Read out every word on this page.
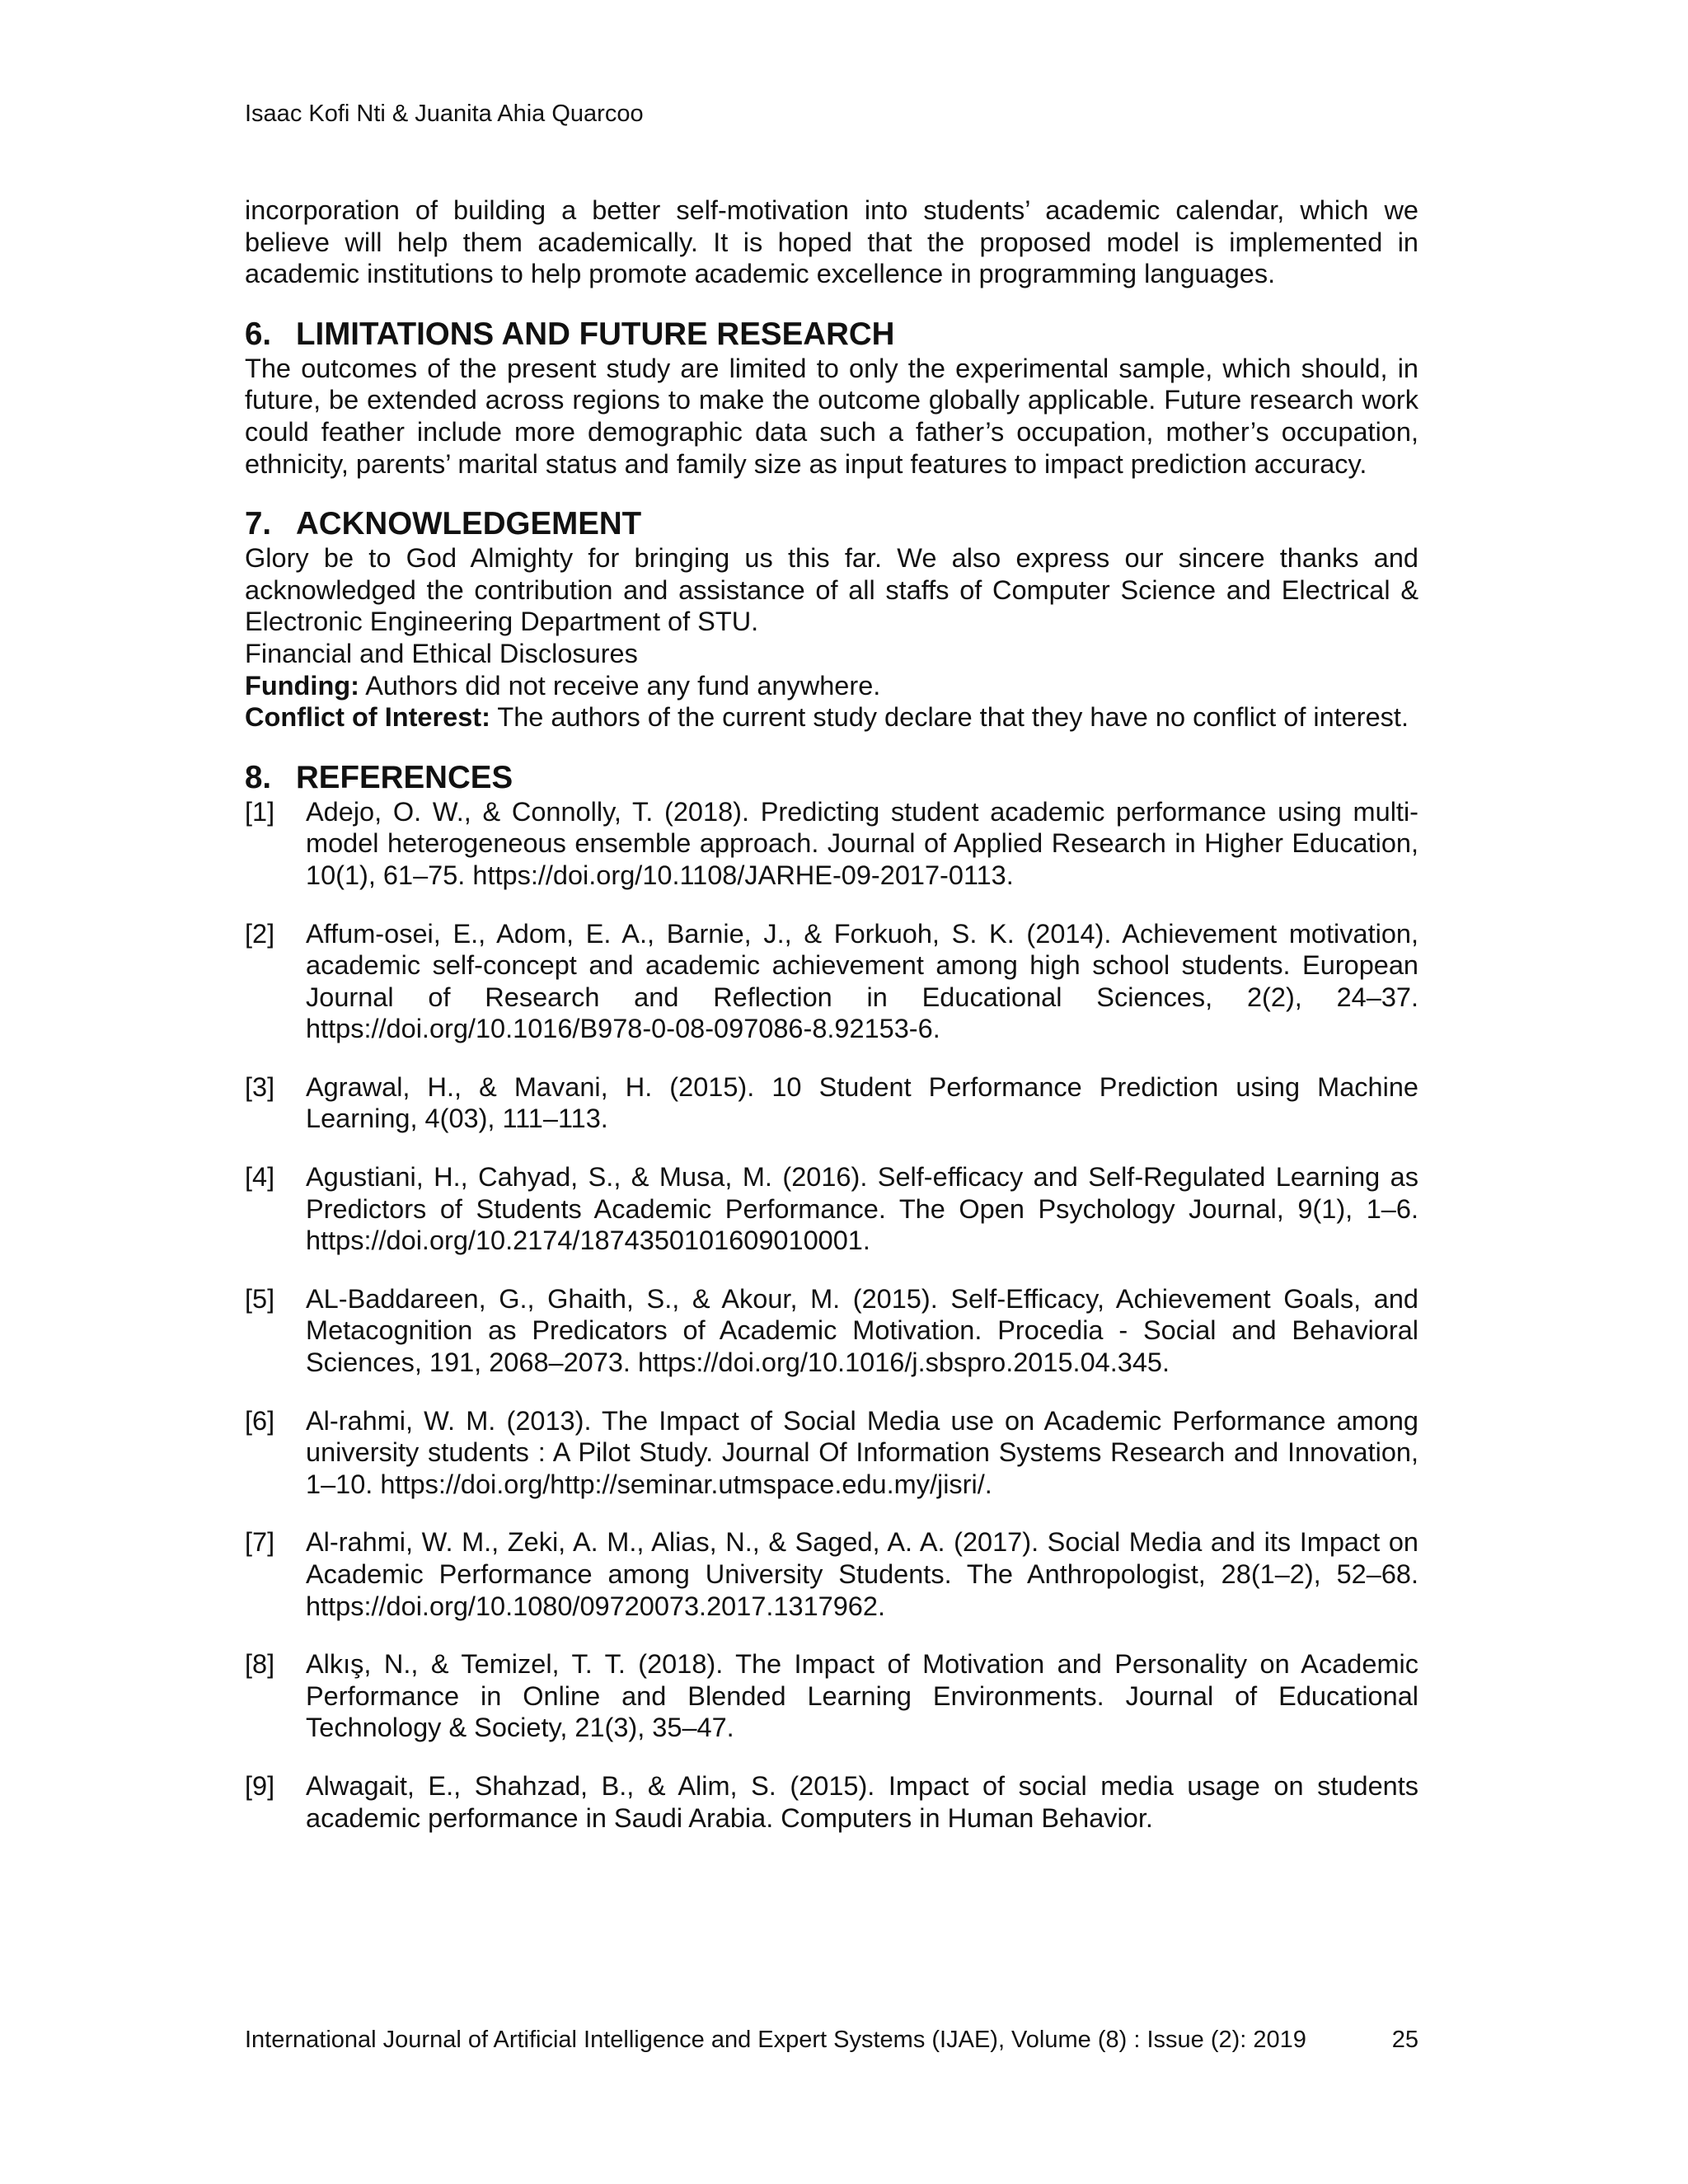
Isaac Kofi Nti & Juanita Ahia Quarcoo

incorporation of building a better self-motivation into students’ academic calendar, which we believe will help them academically. It is hoped that the proposed model is implemented in academic institutions to help promote academic excellence in programming languages.

6. LIMITATIONS AND FUTURE RESEARCH

The outcomes of the present study are limited to only the experimental sample, which should, in future, be extended across regions to make the outcome globally applicable. Future research work could feather include more demographic data such a father’s occupation, mother’s occupation, ethnicity, parents’ marital status and family size as input features to impact prediction accuracy.

7. ACKNOWLEDGEMENT

Glory be to God Almighty for bringing us this far. We also express our sincere thanks and acknowledged the contribution and assistance of all staffs of Computer Science and Electrical & Electronic Engineering Department of STU.

Financial and Ethical Disclosures

Funding: Authors did not receive any fund anywhere.

Conflict of Interest: The authors of the current study declare that they have no conflict of interest.

8. REFERENCES
[1]	Adejo, O. W., & Connolly, T. (2018). Predicting student academic performance using multi-model heterogeneous ensemble approach. Journal of Applied Research in Higher Education, 10(1), 61–75. https://doi.org/10.1108/JARHE-09-2017-0113.
[2]	Affum-osei, E., Adom, E. A., Barnie, J., & Forkuoh, S. K. (2014). Achievement motivation, academic self-concept and academic achievement among high school students. European Journal of Research and Reflection in Educational Sciences, 2(2), 24–37. https://doi.org/10.1016/B978-0-08-097086-8.92153-6.
[3]	Agrawal, H., & Mavani, H. (2015). 10 Student Performance Prediction using Machine Learning, 4(03), 111–113.
[4]	Agustiani, H., Cahyad, S., & Musa, M. (2016). Self-efficacy and Self-Regulated Learning as Predictors of Students Academic Performance. The Open Psychology Journal, 9(1), 1–6. https://doi.org/10.2174/1874350101609010001.
[5]	AL-Baddareen, G., Ghaith, S., & Akour, M. (2015). Self-Efficacy, Achievement Goals, and Metacognition as Predicators of Academic Motivation. Procedia - Social and Behavioral Sciences, 191, 2068–2073. https://doi.org/10.1016/j.sbspro.2015.04.345.
[6]	Al-rahmi, W. M. (2013). The Impact of Social Media use on Academic Performance among university students : A Pilot Study. Journal Of Information Systems Research and Innovation, 1–10. https://doi.org/http://seminar.utmspace.edu.my/jisri/.
[7]	Al-rahmi, W. M., Zeki, A. M., Alias, N., & Saged, A. A. (2017). Social Media and its Impact on Academic Performance among University Students. The Anthropologist, 28(1–2), 52–68. https://doi.org/10.1080/09720073.2017.1317962.
[8]	Alkış, N., & Temizel, T. T. (2018). The Impact of Motivation and Personality on Academic Performance in Online and Blended Learning Environments. Journal of Educational Technology & Society, 21(3), 35–47.
[9]	Alwagait, E., Shahzad, B., & Alim, S. (2015). Impact of social media usage on students academic performance in Saudi Arabia. Computers in Human Behavior.
International Journal of Artificial Intelligence and Expert Systems (IJAE), Volume (8) : Issue (2): 2019	25
